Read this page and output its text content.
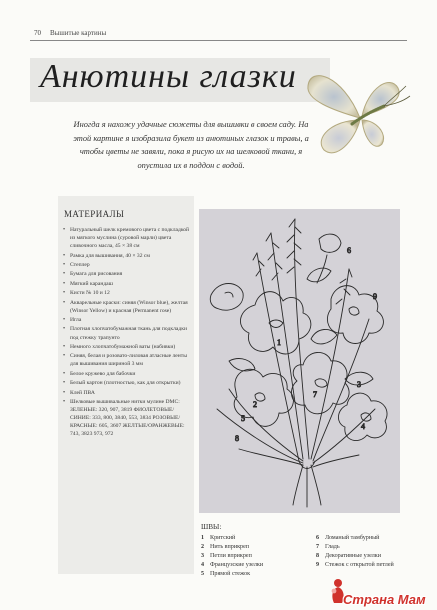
70 Вышитые картины
Анютины глазки
Иногда я нахожу удачные сюжеты для вышивки в своем саду. На этой картине я изобразила букет из анютиных глазок и травы, а чтобы цветы не завяли, пока я рисую их на шелковой ткани, я опустила их в поддон с водой.
МАТЕРИАЛЫ
• Натуральный шелк кремового цвета с подкладкой из мягкого муслина (суровой марли) цвета сливочного масла, 45 × 38 см
• Рамка для вышивания, 40 × 32 см
• Степлер
• Бумага для рисования
• Мягкий карандаш
• Кисти № 10 и 12
• Акварельные краски: синяя (Winsor blue), желтая (Winsor Yellow) и красная (Permanent rose)
• Игла
• Плотная хлопчатобумажная ткань для подкладки под стежку трапунто
• Немного хлопчатобумажной ваты (набивки)
• Синяя, белая и розовато-лиловая атласные ленты для вышивания шириной 3 мм
• Белое кружево для бабочки
• Белый картон (плотностью, как для открытки)
• Клей ПВА
• Шелковые вышивальные нитки мулине DMC: ЗЕЛЕНЫЕ: 320, 907, 3819 ФИОЛЕТОВЫЕ/СИНИЕ: 333, 800, 3840, 553, 3834 РОЗОВЫЕ/КРАСНЫЕ: 605, 3607 ЖЕЛТЫЕ/ОРАНЖЕВЫЕ: 743, 3823 973, 972
1
2
3
4
5
6
7
8
9
ШВЫ:
1 Критский
2 Нить вприкреп
3 Петли вприкреп
4 Французские узелки
5 Прямой стежок
6 Ломаный тамбурный
7 Гладь
8 Декоративные узелки
9 Стежок с открытой петлей
Страна Мам
